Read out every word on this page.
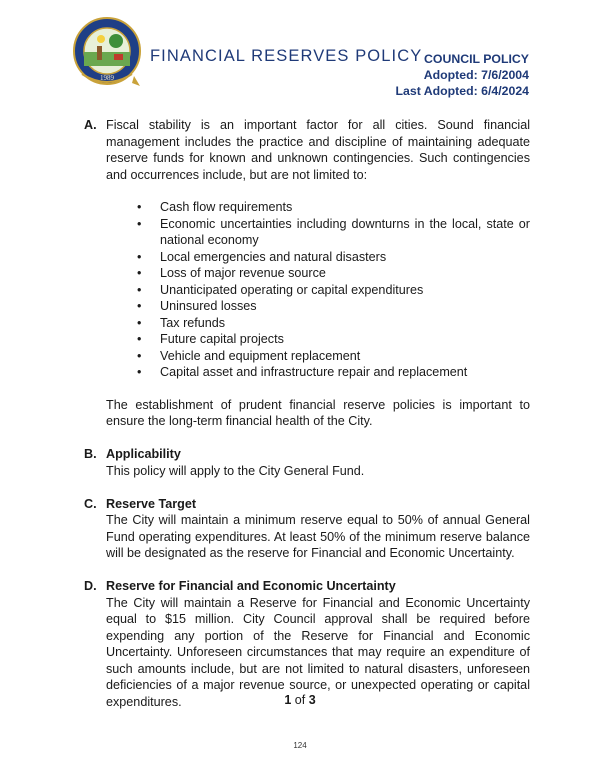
1989
FINANCIAL RESERVES POLICY COUNCIL POLICY
Adopted: 7/6/2004
Last Adopted: 6/4/2024
A. Fiscal stability is an important factor for all cities. Sound financial management includes the practice and discipline of maintaining adequate reserve funds for known and unknown contingencies. Such contingencies and occurrences include, but are not limited to:
• Cash flow requirements
• Economic uncertainties including downturns in the local, state or national economy
• Local emergencies and natural disasters
• Loss of major revenue source
• Unanticipated operating or capital expenditures
• Uninsured losses
• Tax refunds
• Future capital projects
• Vehicle and equipment replacement
• Capital asset and infrastructure repair and replacement
The establishment of prudent financial reserve policies is important to ensure the long-term financial health of the City.
B. Applicability
This policy will apply to the City General Fund.
C. Reserve Target
The City will maintain a minimum reserve equal to 50% of annual General Fund operating expenditures. At least 50% of the minimum reserve balance will be designated as the reserve for Financial and Economic Uncertainty.
D. Reserve for Financial and Economic Uncertainty
The City will maintain a Reserve for Financial and Economic Uncertainty equal to $15 million. City Council approval shall be required before expending any portion of the Reserve for Financial and Economic Uncertainty. Unforeseen circumstances that may require an expenditure of such amounts include, but are not limited to natural disasters, unforeseen deficiencies of a major revenue source, or unexpected operating or capital expenditures.	1 of 3
124
